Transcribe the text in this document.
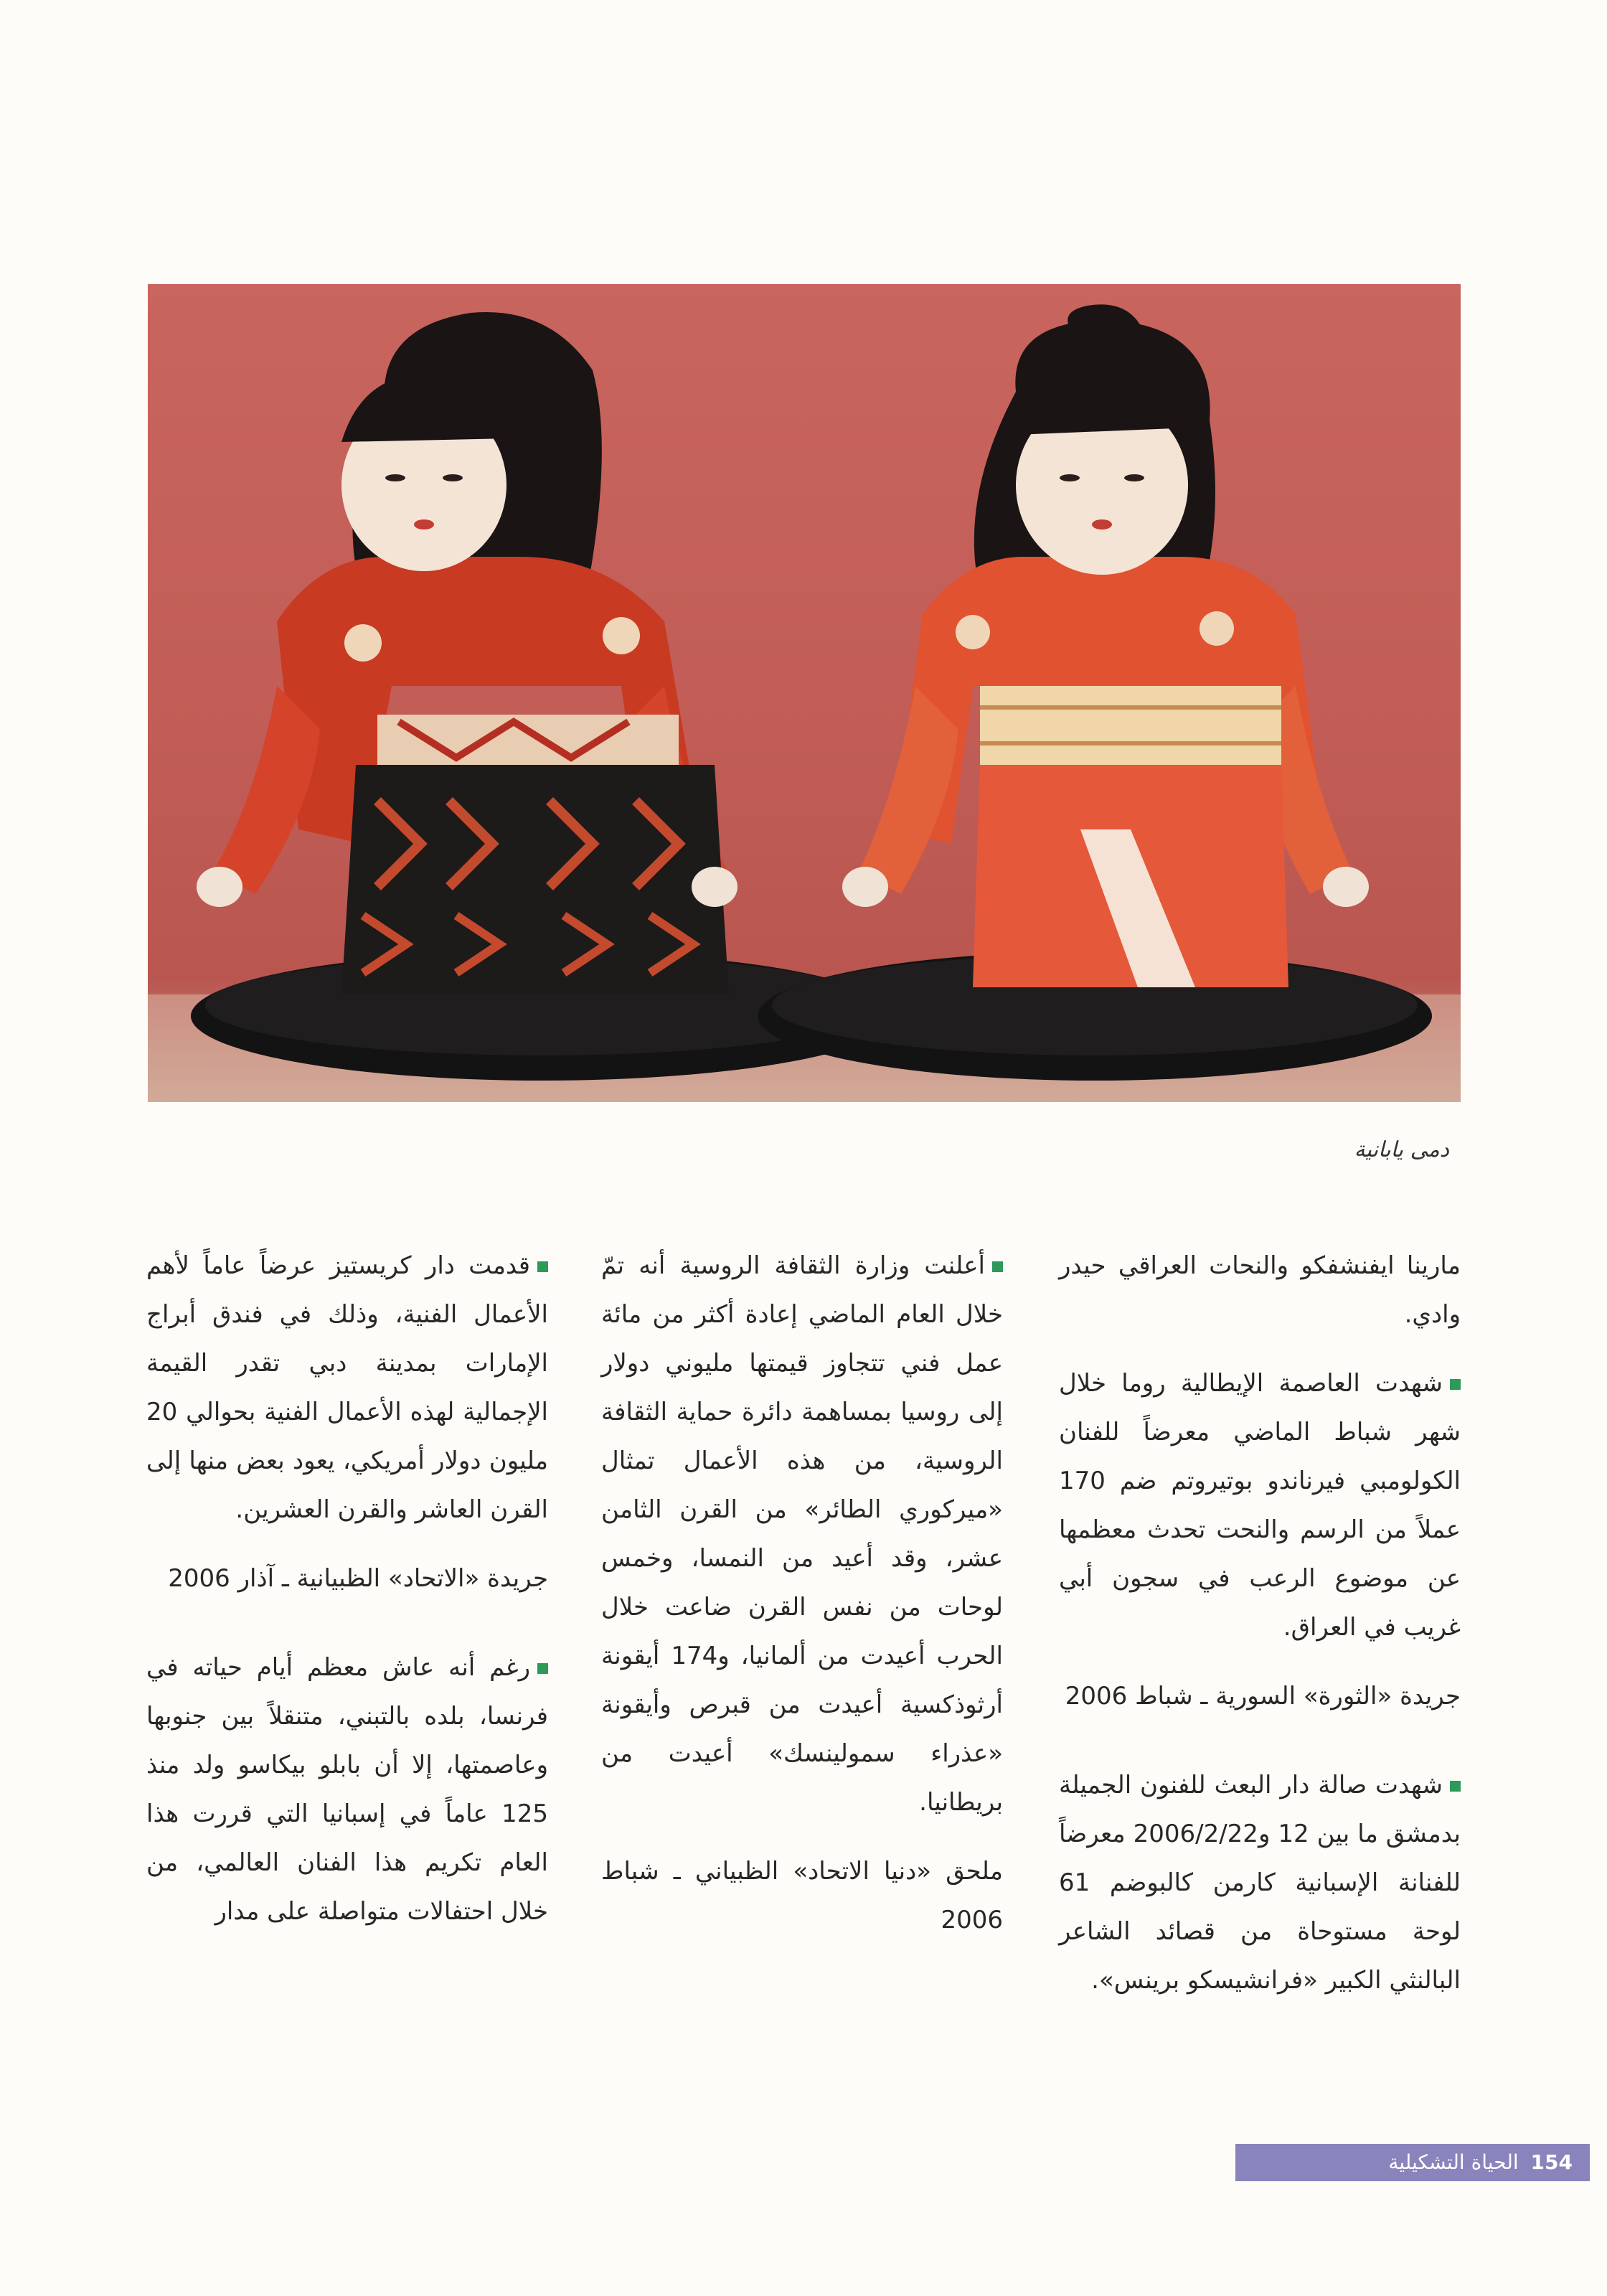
دمى يابانية

مارينا ايفنشفكو والنحات العراقي حيدر وادي.

شهدت العاصمة الإيطالية روما خلال شهر شباط الماضي معرضاً للفنان الكولومبي فيرناندو بوتيروتم ضم 170 عملاً من الرسم والنحت تحدث معظمها عن موضوع الرعب في سجون أبي غريب في العراق.

جريدة «الثورة» السورية ـ شباط 2006

شهدت صالة دار البعث للفنون الجميلة بدمشق ما بين 12 و2006/2/22 معرضاً للفنانة الإسبانية كارمن كالبوضم 61 لوحة مستوحاة من قصائد الشاعر البالنثي الكبير «فرانشيسكو برينس».

أعلنت وزارة الثقافة الروسية أنه تمّ خلال العام الماضي إعادة أكثر من مائة عمل فني تتجاوز قيمتها مليوني دولار إلى روسيا بمساهمة دائرة حماية الثقافة الروسية، من هذه الأعمال تمثال «ميركوري الطائر» من القرن الثامن عشر، وقد أعيد من النمسا، وخمس لوحات من نفس القرن ضاعت خلال الحرب أعيدت من ألمانيا، و174 أيقونة أرثوذكسية أعيدت من قبرص وأيقونة «عذراء سمولينسك» أعيدت من بريطانيا.

ملحق «دنيا الاتحاد» الظبياني ـ شباط 2006

قدمت دار كريستيز عرضاً عاماً لأهم الأعمال الفنية، وذلك في فندق أبراج الإمارات بمدينة دبي تقدر القيمة الإجمالية لهذه الأعمال الفنية بحوالي 20 مليون دولار أمريكي، يعود بعض منها إلى القرن العاشر والقرن العشرين.

جريدة «الاتحاد» الظبيانية ـ آذار 2006

رغم أنه عاش معظم أيام حياته في فرنسا، بلده بالتبني، متنقلاً بين جنوبها وعاصمتها، إلا أن بابلو بيكاسو ولد منذ 125 عاماً في إسبانيا التي قررت هذا العام تكريم هذا الفنان العالمي، من خلال احتفالات متواصلة على مدار

154 الحياة التشكيلية
